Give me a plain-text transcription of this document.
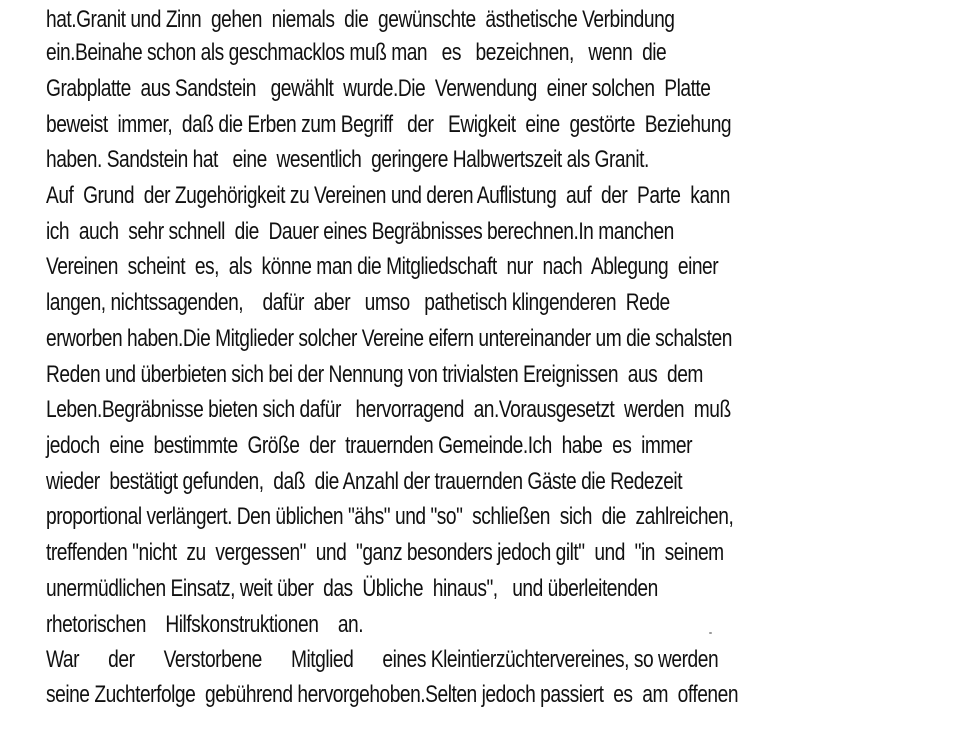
hat.Granit und Zinn  gehen  niemals  die  gewünschte  ästhetische Verbindung
ein.Beinahe schon als geschmacklos muß man   es   bezeichnen,   wenn  die
Grabplatte  aus Sandstein   gewählt  wurde.Die  Verwendung  einer solchen  Platte
beweist  immer,  daß die Erben zum Begriff   der   Ewigkeit  eine  gestörte  Beziehung
haben. Sandstein hat   eine  wesentlich  geringere Halbwertszeit als Granit.
Auf  Grund  der Zugehörigkeit zu Vereinen und deren Auflistung  auf  der  Parte  kann
ich  auch  sehr schnell  die  Dauer eines Begräbnisses berechnen.In manchen
Vereinen  scheint  es,  als  könne man die Mitgliedschaft  nur  nach  Ablegung  einer
langen, nichtssagenden,    dafür  aber   umso   pathetisch klingenderen  Rede
erworben haben.Die Mitglieder solcher Vereine eifern untereinander um die schalsten
Reden und überbieten sich bei der Nennung von trivialsten Ereignissen  aus  dem
Leben.Begräbnisse bieten sich dafür   hervorragend  an.Vorausgesetzt  werden  muß
jedoch  eine  bestimmte  Größe  der  trauernden Gemeinde.Ich  habe  es  immer
wieder  bestätigt gefunden,  daß  die Anzahl der trauernden Gäste die Redezeit
proportional verlängert. Den üblichen "ähs" und "so"  schließen  sich  die  zahlreichen,
treffenden "nicht  zu  vergessen"  und  "ganz besonders jedoch gilt"  und  "in  seinem
unermüdlichen Einsatz, weit über  das  Übliche  hinaus",   und überleitenden
rhetorischen    Hilfskonstruktionen    an.
War      der      Verstorbene      Mitglied      eines Kleintierzüchtervereines, so werden
seine Zuchterfolge  gebührend hervorgehoben.Selten jedoch passiert  es  am  offenen
